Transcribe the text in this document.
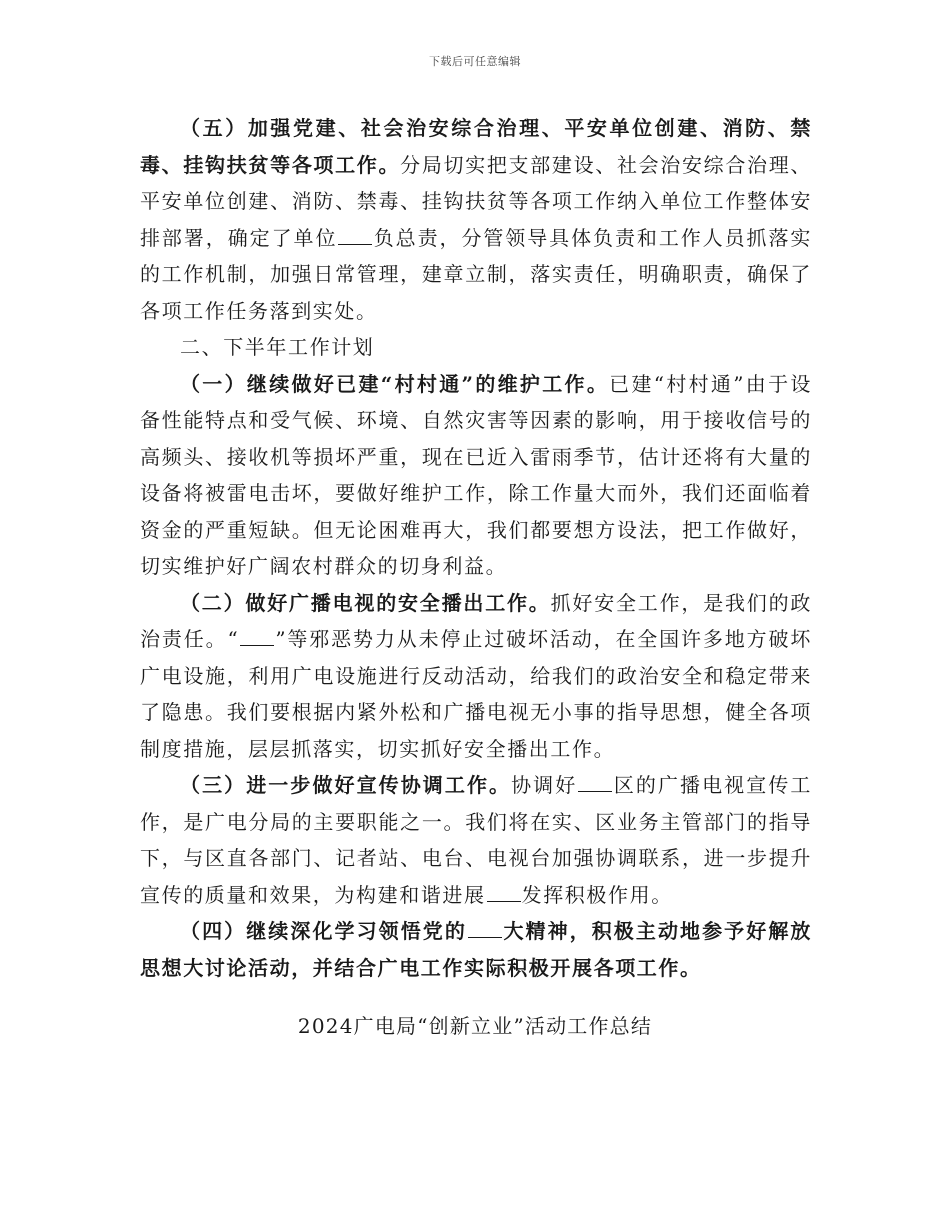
下载后可任意编辑

（五）加强党建、社会治安综合治理、平安单位创建、消防、禁毒、挂钩扶贫等各项工作。分局切实把支部建设、社会治安综合治理、平安单位创建、消防、禁毒、挂钩扶贫等各项工作纳入单位工作整体安排部署，确定了单位 负总责，分管领导具体负责和工作人员抓落实的工作机制，加强日常管理，建章立制，落实责任，明确职责，确保了各项工作任务落到实处。

二、下半年工作计划

（一）继续做好已建“村村通”的维护工作。已建“村村通”由于设备性能特点和受气候、环境、自然灾害等因素的影响，用于接收信号的高频头、接收机等损坏严重，现在已近入雷雨季节，估计还将有大量的设备将被雷电击坏，要做好维护工作，除工作量大而外，我们还面临着资金的严重短缺。但无论困难再大，我们都要想方设法，把工作做好，切实维护好广阔农村群众的切身利益。

（二）做好广播电视的安全播出工作。抓好安全工作，是我们的政治责任。“ ”等邪恶势力从未停止过破坏活动，在全国许多地方破坏广电设施，利用广电设施进行反动活动，给我们的政治安全和稳定带来了隐患。我们要根据内紧外松和广播电视无小事的指导思想，健全各项制度措施，层层抓落实，切实抓好安全播出工作。

（三）进一步做好宣传协调工作。协调好 区的广播电视宣传工作，是广电分局的主要职能之一。我们将在实、区业务主管部门的指导下，与区直各部门、记者站、电台、电视台加强协调联系，进一步提升宣传的质量和效果，为构建和谐进展 发挥积极作用。

（四）继续深化学习领悟党的 大精神，积极主动地参予好解放思想大讨论活动，并结合广电工作实际积极开展各项工作。

2024广电局“创新立业”活动工作总结
